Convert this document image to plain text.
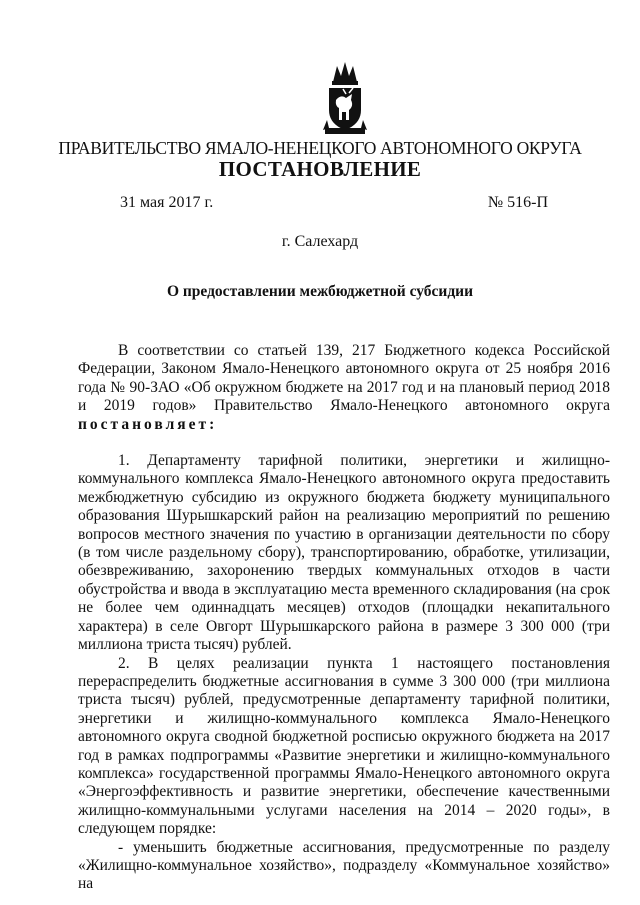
ПРАВИТЕЛЬСТВО ЯМАЛО-НЕНЕЦКОГО АВТОНОМНОГО ОКРУГА
ПОСТАНОВЛЕНИЕ
31 мая 2017 г.	№ 516-П
г. Салехард
О предоставлении межбюджетной субсидии

В соответствии со статьей 139, 217 Бюджетного кодекса Российской Федерации, Законом Ямало-Ненецкого автономного округа от 25 ноября 2016 года № 90-ЗАО «Об окружном бюджете на 2017 год и на плановый период 2018 и 2019 годов» Правительство Ямало-Ненецкого автономного округа постановляет:

1. Департаменту тарифной политики, энергетики и жилищно-коммунального комплекса Ямало-Ненецкого автономного округа предоставить межбюджетную субсидию из окружного бюджета бюджету муниципального образования Шурышкарский район на реализацию мероприятий по решению вопросов местного значения по участию в организации деятельности по сбору (в том числе раздельному сбору), транспортированию, обработке, утилизации, обезвреживанию, захоронению твердых коммунальных отходов в части обустройства и ввода в эксплуатацию места временного складирования (на срок не более чем одиннадцать месяцев) отходов (площадки некапитального характера) в селе Овгорт Шурышкарского района в размере 3 300 000 (три миллиона триста тысяч) рублей.

2. В целях реализации пункта 1 настоящего постановления перераспределить бюджетные ассигнования в сумме 3 300 000 (три миллиона триста тысяч) рублей, предусмотренные департаменту тарифной политики, энергетики и жилищно-коммунального комплекса Ямало-Ненецкого автономного округа сводной бюджетной росписью окружного бюджета на 2017 год в рамках подпрограммы «Развитие энергетики и жилищно-коммунального комплекса» государственной программы Ямало-Ненецкого автономного округа «Энергоэффективность и развитие энергетики, обеспечение качественными жилищно-коммунальными услугами населения на 2014 – 2020 годы», в следующем порядке:

- уменьшить бюджетные ассигнования, предусмотренные по разделу «Жилищно-коммунальное хозяйство», подразделу «Коммунальное хозяйство» на
